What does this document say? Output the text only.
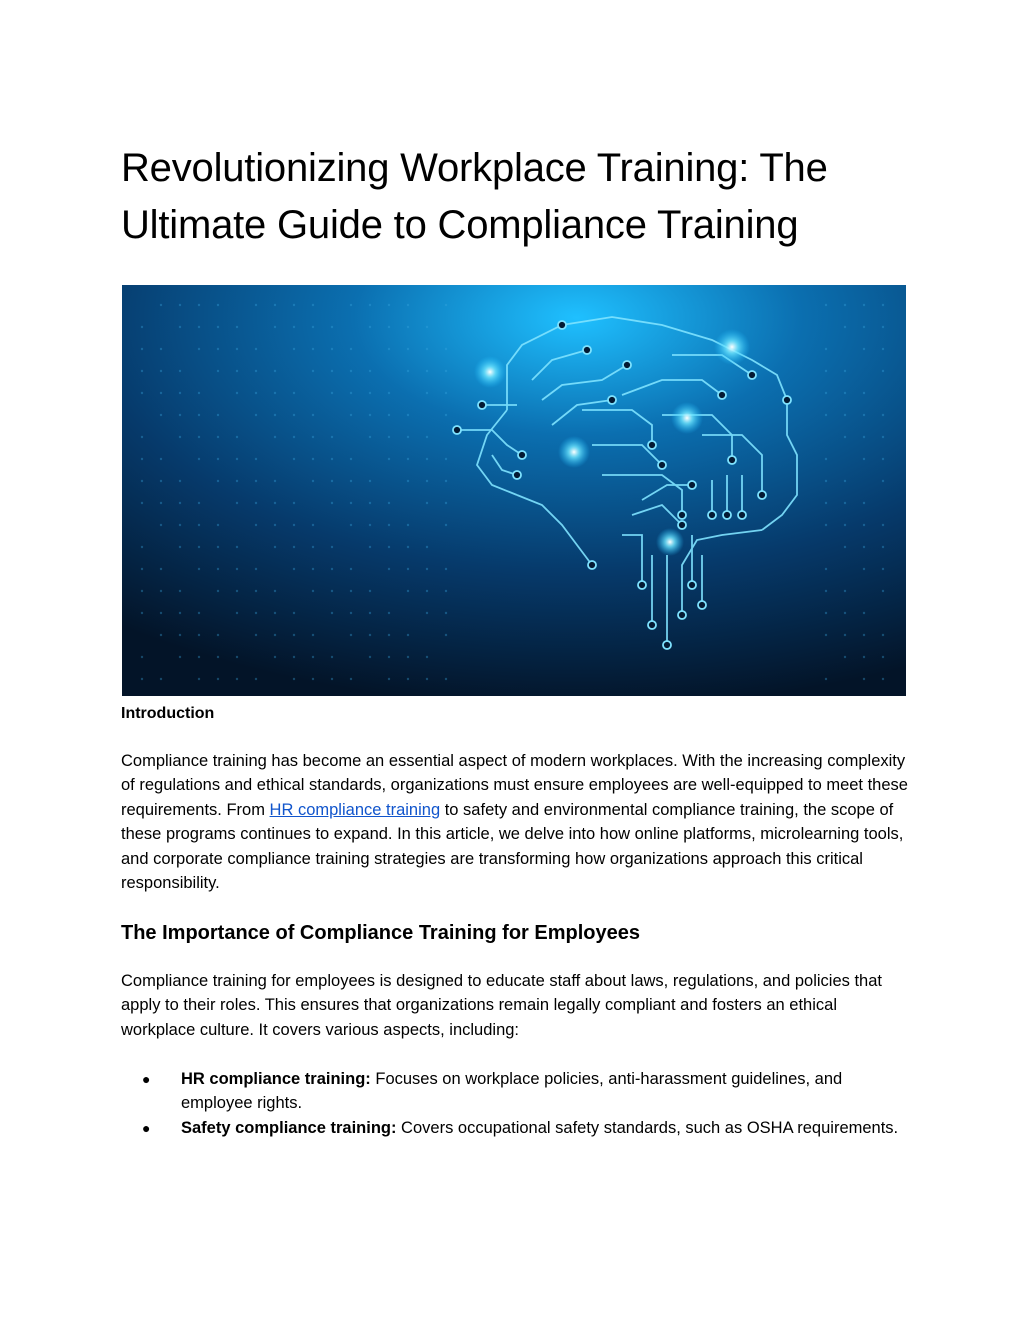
Revolutionizing Workplace Training: The
Ultimate Guide to Compliance Training
Introduction

Compliance training has become an essential aspect of modern workplaces. With the increasing complexity of regulations and ethical standards, organizations must ensure employees are well-equipped to meet these requirements. From HR compliance training to safety and environmental compliance training, the scope of these programs continues to expand. In this article, we delve into how online platforms, microlearning tools, and corporate compliance training strategies are transforming how organizations approach this critical responsibility.

The Importance of Compliance Training for Employees

Compliance training for employees is designed to educate staff about laws, regulations, and policies that apply to their roles. This ensures that organizations remain legally compliant and fosters an ethical workplace culture. It covers various aspects, including:

● HR compliance training: Focuses on workplace policies, anti-harassment guidelines, and employee rights.
● Safety compliance training: Covers occupational safety standards, such as OSHA requirements.
